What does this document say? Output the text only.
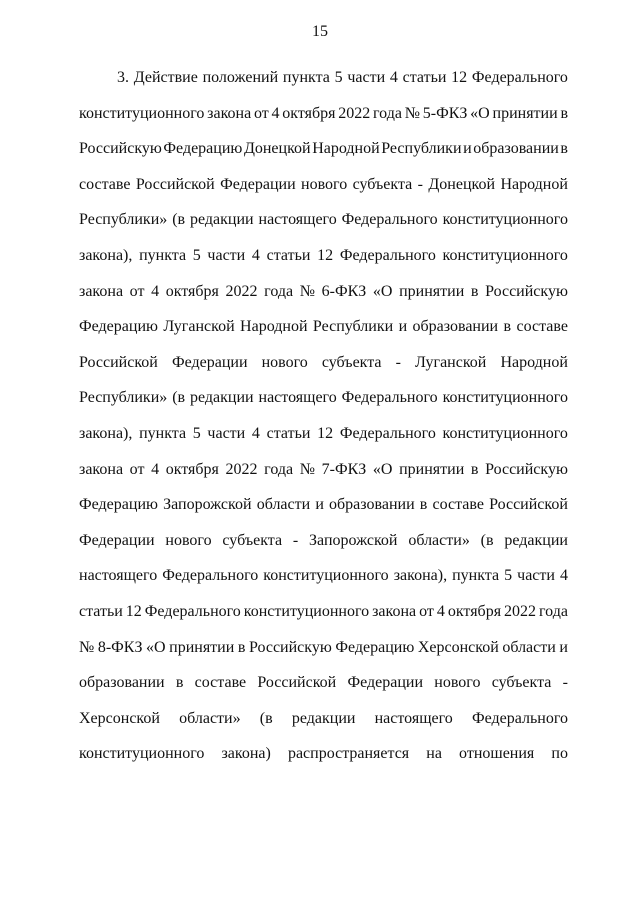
15
3. Действие положений пункта 5 части 4 статьи 12 Федерального
конституционного закона от 4 октября 2022 года № 5-ФКЗ «О принятии в
Российскую Федерацию Донецкой Народной Республики и образовании в
составе Российской Федерации нового субъекта - Донецкой Народной
Республики» (в редакции настоящего Федерального конституционного
закона), пункта 5 части 4 статьи 12 Федерального конституционного
закона от 4 октября 2022 года № 6-ФКЗ «О принятии в Российскую
Федерацию Луганской Народной Республики и образовании в составе
Российской Федерации нового субъекта - Луганской Народной
Республики» (в редакции настоящего Федерального конституционного
закона), пункта 5 части 4 статьи 12 Федерального конституционного
закона от 4 октября 2022 года № 7-ФКЗ «О принятии в Российскую
Федерацию Запорожской области и образовании в составе Российской
Федерации нового субъекта - Запорожской области» (в редакции
настоящего Федерального конституционного закона), пункта 5 части 4
статьи 12 Федерального конституционного закона от 4 октября 2022 года
№ 8-ФКЗ «О принятии в Российскую Федерацию Херсонской области и
образовании в составе Российской Федерации нового субъекта -
Херсонской области» (в редакции настоящего Федерального
конституционного закона) распространяется на отношения по
